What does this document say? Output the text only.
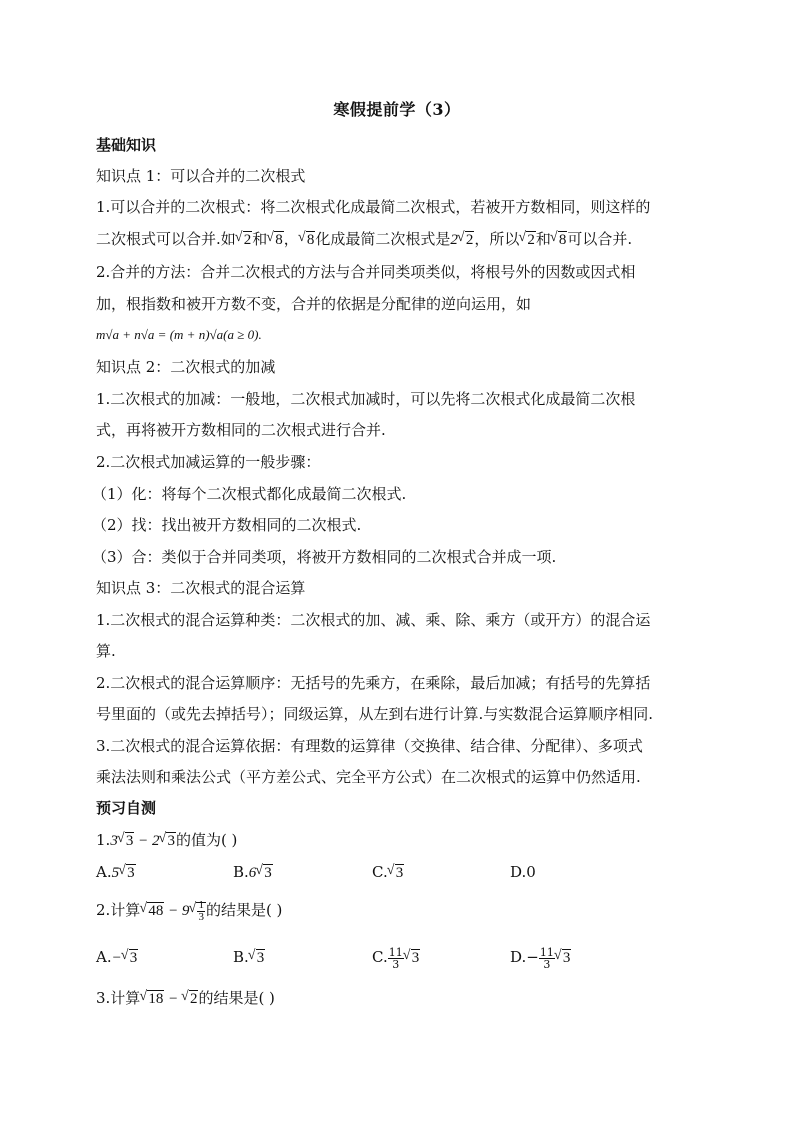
寒假提前学（3）
基础知识
知识点 1：可以合并的二次根式
1.可以合并的二次根式：将二次根式化成最简二次根式，若被开方数相同，则这样的
二次根式可以合并.如 √ 2和 √ 8， √ 8化成最简二次根式是2 √ 2，所以 √ 2和 √ 8可以合并.
2.合并的方法：合并二次根式的方法与合并同类项类似，将根号外的因数或因式相
加，根指数和被开方数不变，合并的依据是分配律的逆向运用，如
m√a + n√a = (m + n)√a(a ≥ 0).
知识点 2：二次根式的加减
1.二次根式的加减：一般地，二次根式加减时，可以先将二次根式化成最简二次根
式，再将被开方数相同的二次根式进行合并.
2.二次根式加减运算的一般步骤：
（1）化：将每个二次根式都化成最简二次根式.
（2）找：找出被开方数相同的二次根式.
（3）合：类似于合并同类项，将被开方数相同的二次根式合并成一项.
知识点 3：二次根式的混合运算
1.二次根式的混合运算种类：二次根式的加、减、乘、除、乘方（或开方）的混合运
算.
2.二次根式的混合运算顺序：无括号的先乘方，在乘除，最后加减；有括号的先算括
号里面的（或先去掉括号）；同级运算，从左到右进行计算.与实数混合运算顺序相同.
3.二次根式的混合运算依据：有理数的运算律（交换律、结合律、分配律）、多项式
乘法法则和乘法公式（平方差公式、完全平方公式）在二次根式的运算中仍然适用.
预习自测
1.3 √ 3 − 2 √ 3的值为( )
A.5 √ 3	B.6 √ 3	C. √ 3	D.0
2.计算 √ 48 − 9 √ $\frac{1}{3}$ 的结果是( )
A.− √ 3	B. √ 3	C. $\frac{11}{3}$ √ 3	$D.- \frac{11}{3}$ √ 3
3.计算 √ 18 − √ 2的结果是( )
